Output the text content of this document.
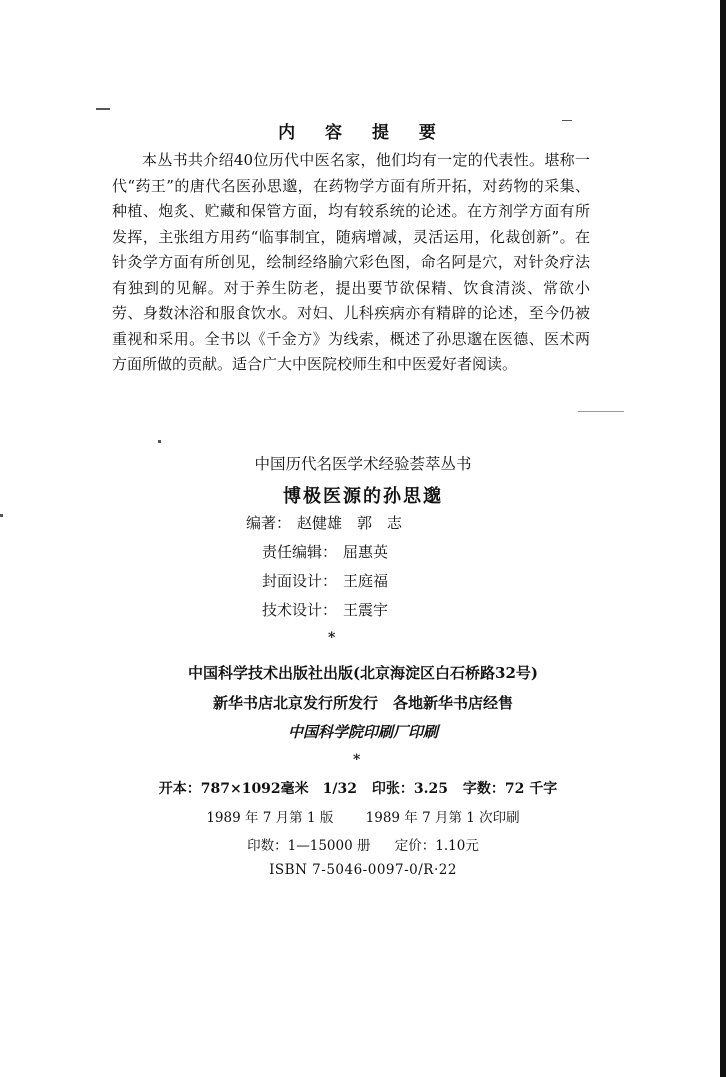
内 容 提 要

本丛书共介绍40位历代中医名家，他们均有一定的代表性。堪称一代“药王”的唐代名医孙思邈，在药物学方面有所开拓，对药物的采集、种植、炮炙、贮藏和保管方面，均有较系统的论述。在方剂学方面有所发挥，主张组方用药“临事制宜，随病增减，灵活运用，化裁创新”。在针灸学方面有所创见，绘制经络腧穴彩色图，命名阿是穴，对针灸疗法有独到的见解。对于养生防老，提出要节欲保精、饮食清淡、常欲小劳、身数沐浴和服食饮水。对妇、儿科疾病亦有精辟的论述，至今仍被重视和采用。全书以《千金方》为线索，概述了孙思邈在医德、医术两方面所做的贡献。适合广大中医院校师生和中医爱好者阅读。

中国历代名医学术经验荟萃丛书
博极医源的孙思邈
编著： 赵健雄　郭　志
责任编辑： 屈惠英
封面设计： 王庭福
技术设计： 王震宇
*
中国科学技术出版社出版(北京海淀区白石桥路32号)
新华书店北京发行所发行　各地新华书店经售
中国科学院印刷厂印刷
*
开本：787×1092毫米　1/32 印张：3.25 字数：72 千字
1989 年 7 月第 1 版 1989 年 7 月第 1 次印刷
印数：1—15000 册 定价：1.10元
ISBN 7-5046-0097-0/R·22
